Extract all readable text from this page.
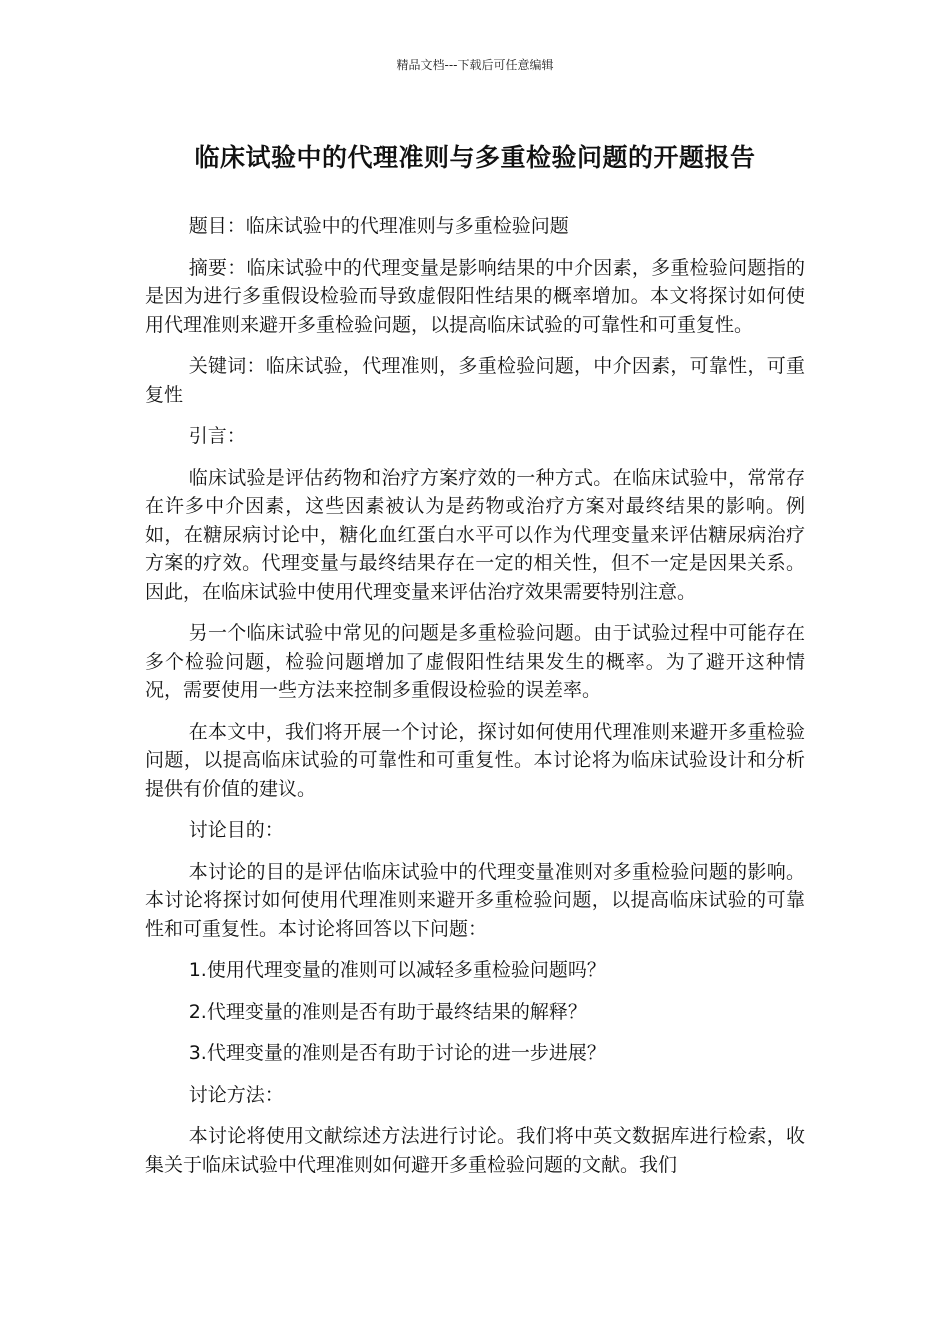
精品文档---下载后可任意编辑
临床试验中的代理准则与多重检验问题的开题报告

题目：临床试验中的代理准则与多重检验问题

摘要：临床试验中的代理变量是影响结果的中介因素，多重检验问题指的是因为进行多重假设检验而导致虚假阳性结果的概率增加。本文将探讨如何使用代理准则来避开多重检验问题，以提高临床试验的可靠性和可重复性。

关键词：临床试验，代理准则，多重检验问题，中介因素，可靠性，可重复性

引言：

临床试验是评估药物和治疗方案疗效的一种方式。在临床试验中，常常存在许多中介因素，这些因素被认为是药物或治疗方案对最终结果的影响。例如，在糖尿病讨论中，糖化血红蛋白水平可以作为代理变量来评估糖尿病治疗方案的疗效。代理变量与最终结果存在一定的相关性，但不一定是因果关系。因此，在临床试验中使用代理变量来评估治疗效果需要特别注意。

另一个临床试验中常见的问题是多重检验问题。由于试验过程中可能存在多个检验问题，检验问题增加了虚假阳性结果发生的概率。为了避开这种情况，需要使用一些方法来控制多重假设检验的误差率。

在本文中，我们将开展一个讨论，探讨如何使用代理准则来避开多重检验问题，以提高临床试验的可靠性和可重复性。本讨论将为临床试验设计和分析提供有价值的建议。

讨论目的：

本讨论的目的是评估临床试验中的代理变量准则对多重检验问题的影响。本讨论将探讨如何使用代理准则来避开多重检验问题，以提高临床试验的可靠性和可重复性。本讨论将回答以下问题：

1.使用代理变量的准则可以减轻多重检验问题吗？

2.代理变量的准则是否有助于最终结果的解释？

3.代理变量的准则是否有助于讨论的进一步进展？

讨论方法：

本讨论将使用文献综述方法进行讨论。我们将中英文数据库进行检索，收集关于临床试验中代理准则如何避开多重检验问题的文献。我们
